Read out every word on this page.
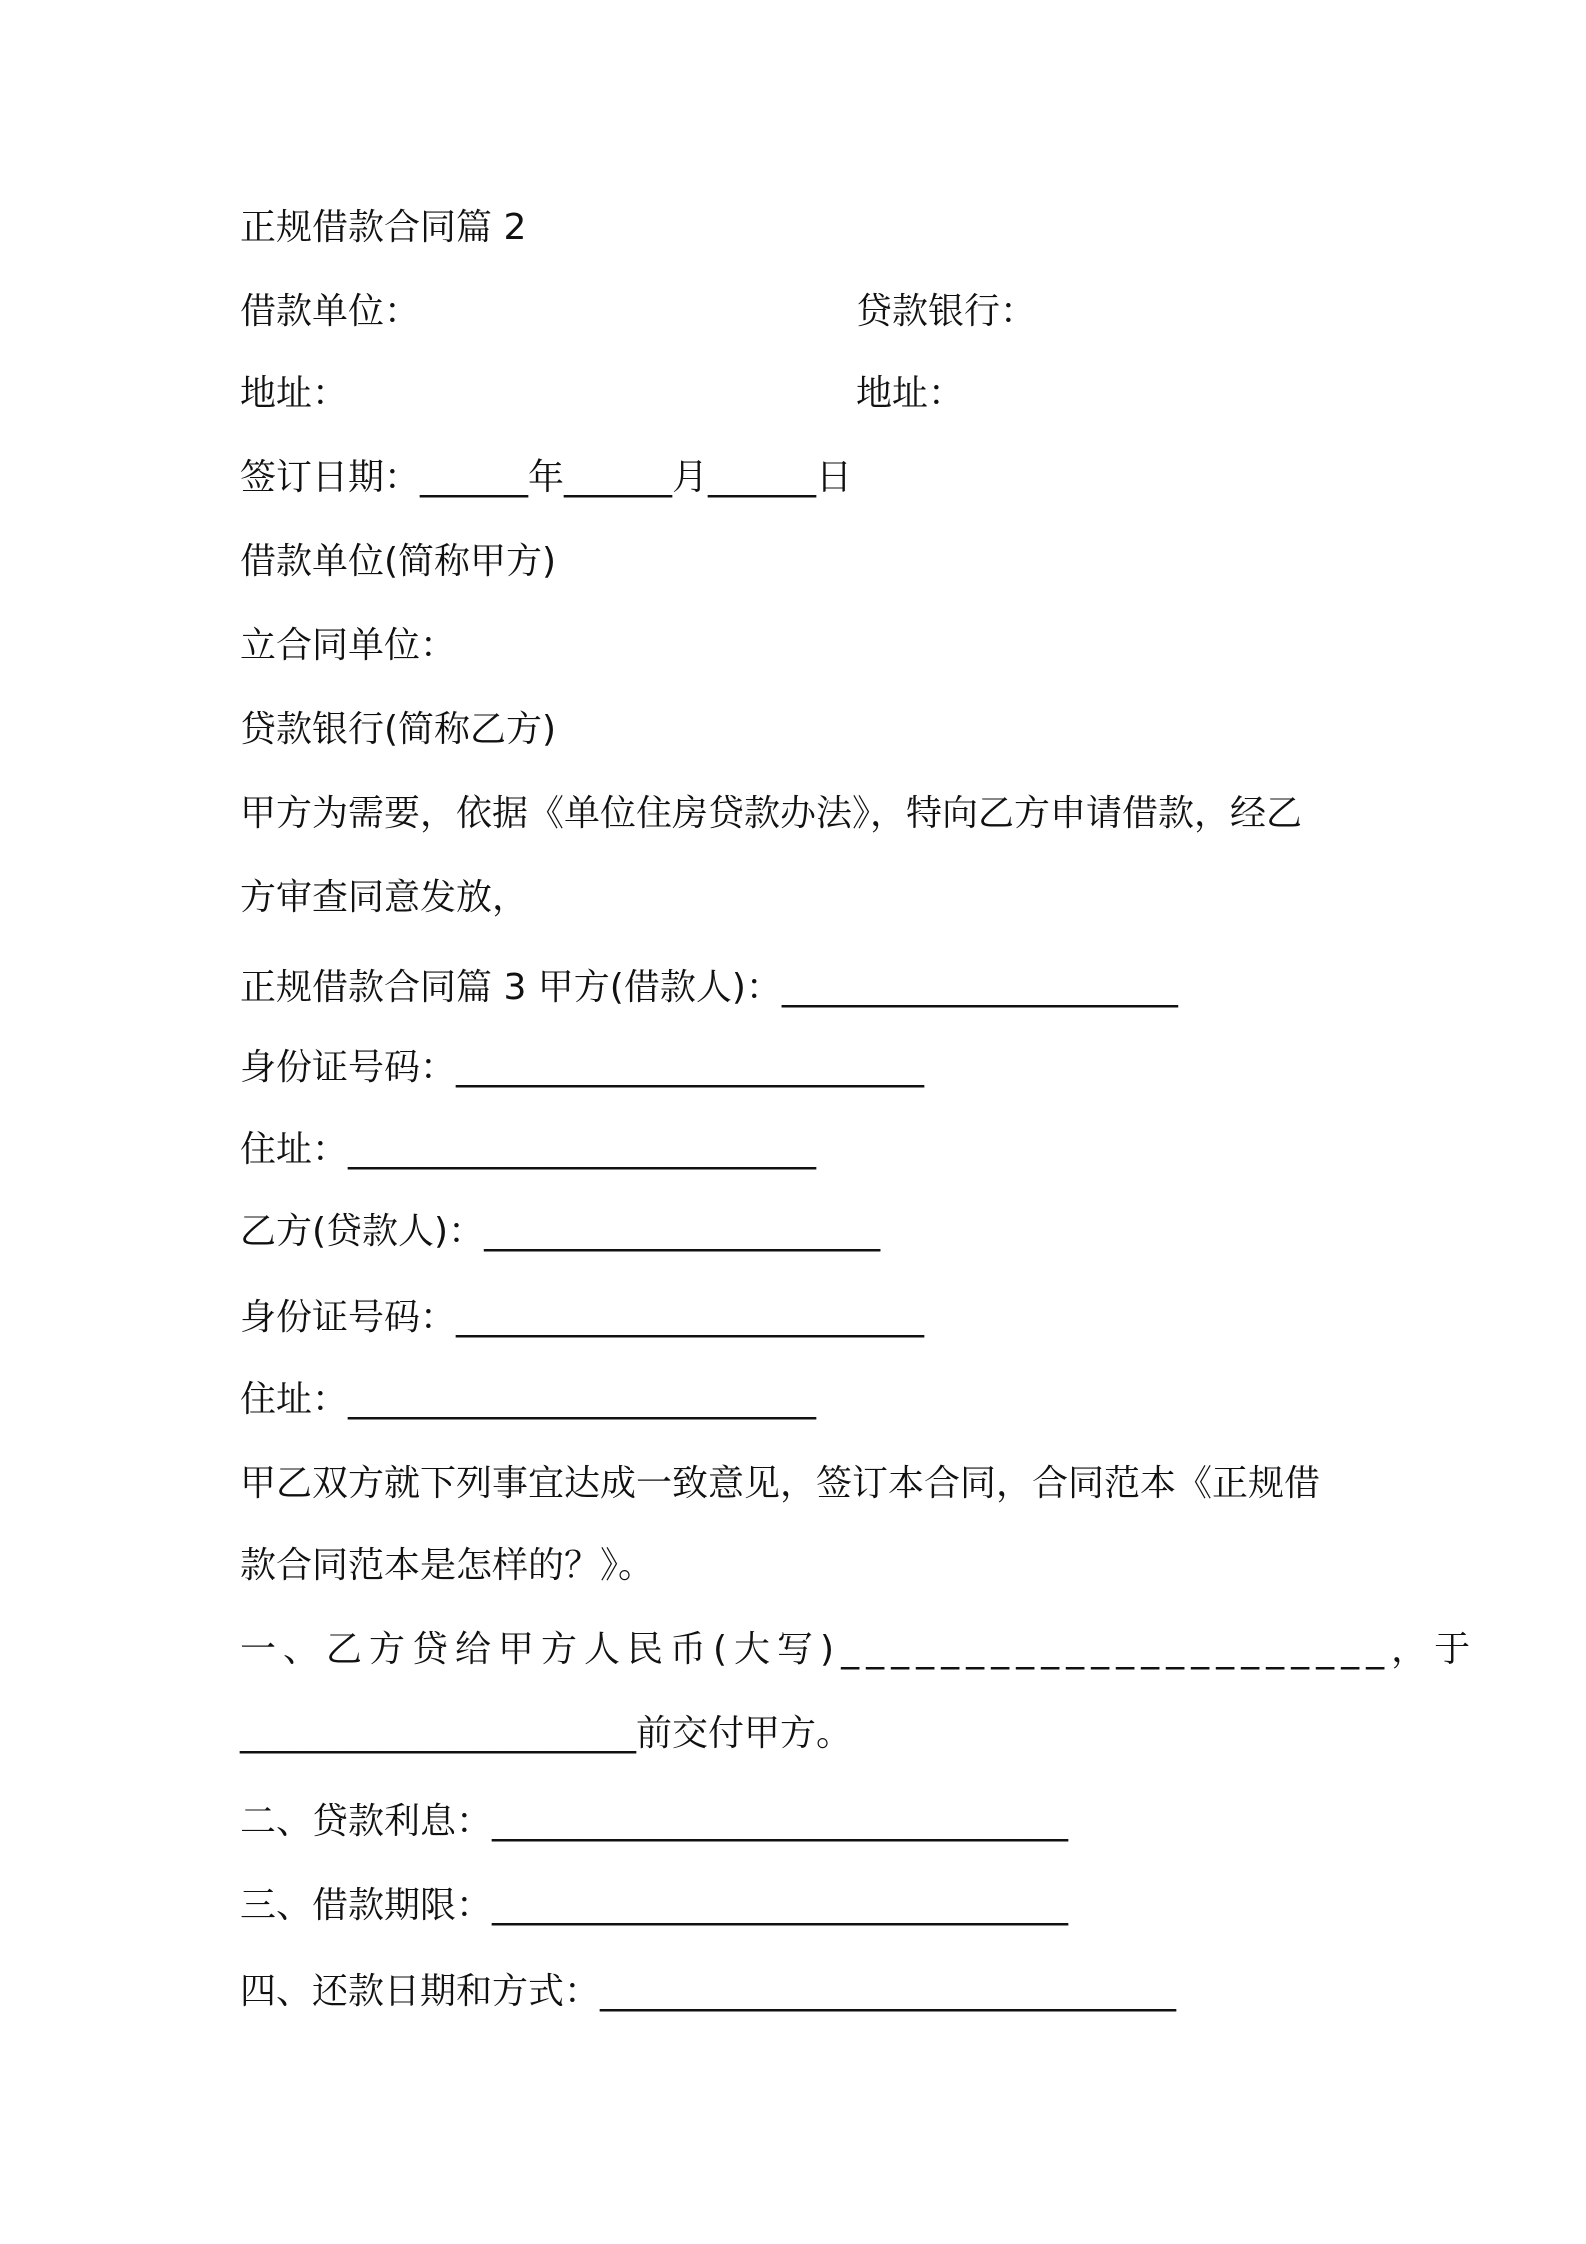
正规借款合同篇 2
借款单位：	贷款银行：
地址：	地址：
签订日期：______年______月______日
借款单位(简称甲方)
立合同单位：
贷款银行(简称乙方)
甲方为需要，依据《单位住房贷款办法》，特向乙方申请借款，经乙
方审查同意发放，
正规借款合同篇 3 甲方(借款人)：______________________
身份证号码：__________________________
住址：__________________________
乙方(贷款人)：______________________
身份证号码：__________________________
住址：__________________________
甲乙双方就下列事宜达成一致意见，签订本合同，合同范本《正规借
款合同范本是怎样的？》。
一、乙方贷给甲方人民币(大写)______________________，于
______________________前交付甲方。
二、贷款利息：________________________________
三、借款期限：________________________________
四、还款日期和方式：________________________________
